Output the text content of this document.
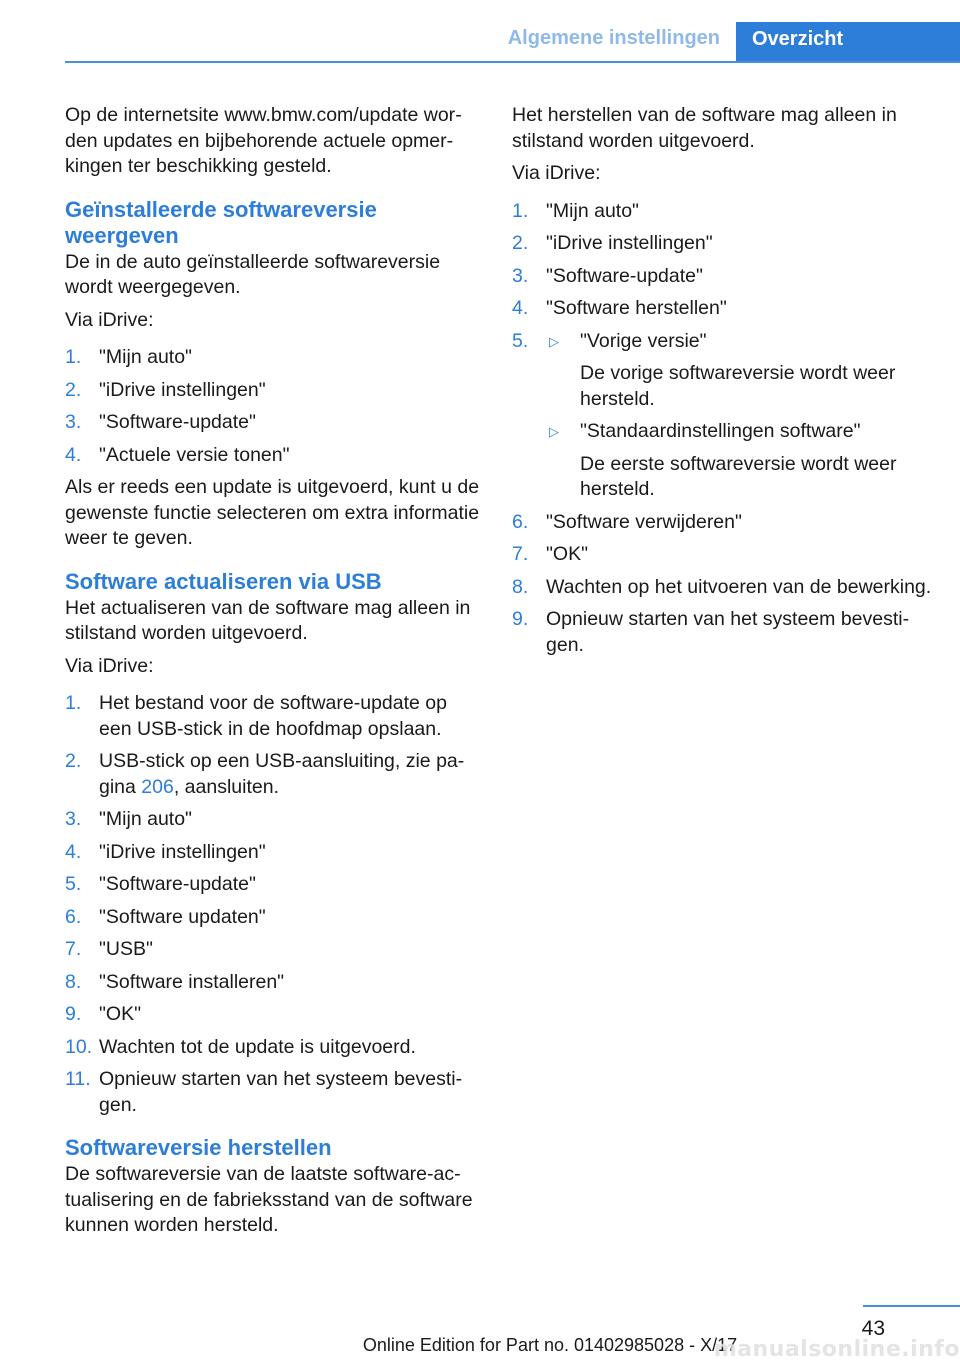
Algemene instellingen	Overzicht

Op de internetsite www.bmw.com/update worden updates en bijbehorende actuele opmerkingen ter beschikking gesteld.

Geïnstalleerde softwareversie weergeven

De in de auto geïnstalleerde softwareversie wordt weergegeven.

Via iDrive:

1. "Mijn auto"
2. "iDrive instellingen"
3. "Software-update"
4. "Actuele versie tonen"

Als er reeds een update is uitgevoerd, kunt u de gewenste functie selecteren om extra informatie weer te geven.

Software actualiseren via USB

Het actualiseren van de software mag alleen in stilstand worden uitgevoerd.

Via iDrive:

1. Het bestand voor de software-update op een USB-stick in de hoofdmap opslaan.
2. USB-stick op een USB-aansluiting, zie pagina 206, aansluiten.
3. "Mijn auto"
4. "iDrive instellingen"
5. "Software-update"
6. "Software updaten"
7. "USB"
8. "Software installeren"
9. "OK"
10. Wachten tot de update is uitgevoerd.
11. Opnieuw starten van het systeem bevestigen.
Softwareversie herstellen

De softwareversie van de laatste software-actualisering en de fabrieksstand van de software kunnen worden hersteld.

Het herstellen van de software mag alleen in stilstand worden uitgevoerd.

Via iDrive:

1. "Mijn auto"
2. "iDrive instellingen"
3. "Software-update"
4. "Software herstellen"
5. ▷ "Vorige versie"
De vorige softwareversie wordt weer hersteld.
▷ "Standaardinstellingen software"
De eerste softwareversie wordt weer hersteld.
6. "Software verwijderen"
7. "OK"
8. Wachten op het uitvoeren van de bewerking.
9. Opnieuw starten van het systeem bevestigen.
43
Online Edition for Part no. 01402985028 - X/17
manualsonline.info
